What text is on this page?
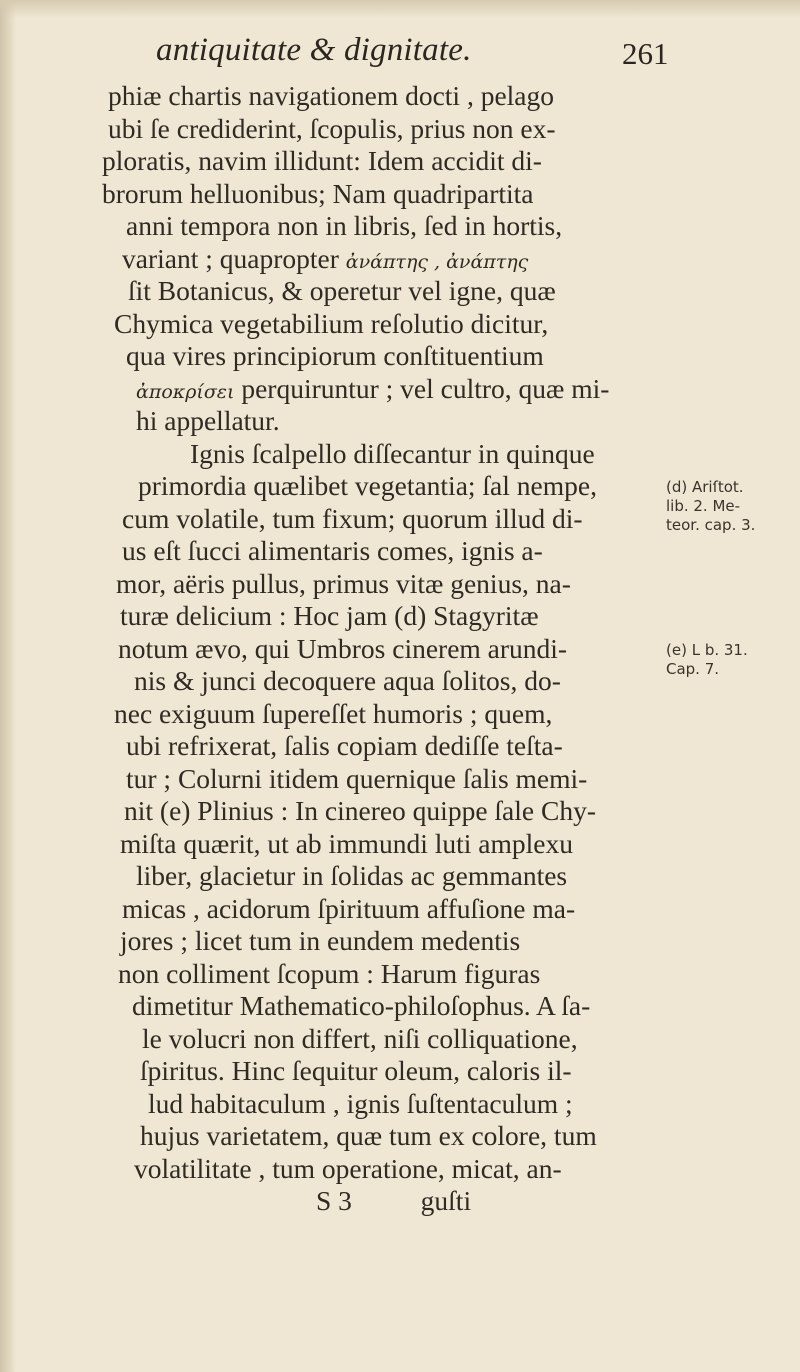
antiquitate & dignitate.	261
phiæ chartis navigationem docti , pelago
ubi ſe crediderint, ſcopulis, prius non ex-
ploratis, navim illidunt: Idem accidit di-
brorum helluonibus; Nam quadripartita
anni tempora non in libris, ſed in hortis,
variant ; quapropter ἀνάπτης , ἀνάπτης
ſit Botanicus, & operetur vel igne, quæ
Chymica vegetabilium reſolutio dicitur,
qua vires principiorum conſtituentium
ἀποκρίσει perquiruntur ; vel cultro, quæ mi-
hi appellatur.
Ignis ſcalpello diſſecantur in quinque
primordia quælibet vegetantia; ſal nempe,
cum volatile, tum fixum; quorum illud di-
us eſt ſucci alimentaris comes, ignis a-
mor, aëris pullus, primus vitæ genius, na-
turæ delicium : Hoc jam (d) Stagyritæ
notum ævo, qui Umbros cinerem arundi-
nis & junci decoquere aqua ſolitos, do-
nec exiguum ſupereſſet humoris ; quem,
ubi refrixerat, ſalis copiam dediſſe teſta-
tur ; Colurni itidem quernique ſalis memi-
nit (e) Plinius : In cinereo quippe ſale Chy-
miſta quærit, ut ab immundi luti amplexu
liber, glacietur in ſolidas ac gemmantes
micas , acidorum ſpirituum affuſione ma-
jores ; licet tum in eundem medentis
non colliment ſcopum : Harum figuras
dimetitur Mathematico-philoſophus. A ſa-
le volucri non differt, niſi colliquatione,
ſpiritus. Hinc ſequitur oleum, caloris il-
lud habitaculum , ignis ſuſtentaculum ;
hujus varietatem, quæ tum ex colore, tum
volatilitate , tum operatione, micat, an-
S 3          guſti
(d) Ariſtot.
lib. 2. Me-
teor. cap. 3.
(e) L b. 31.
Cap. 7.
